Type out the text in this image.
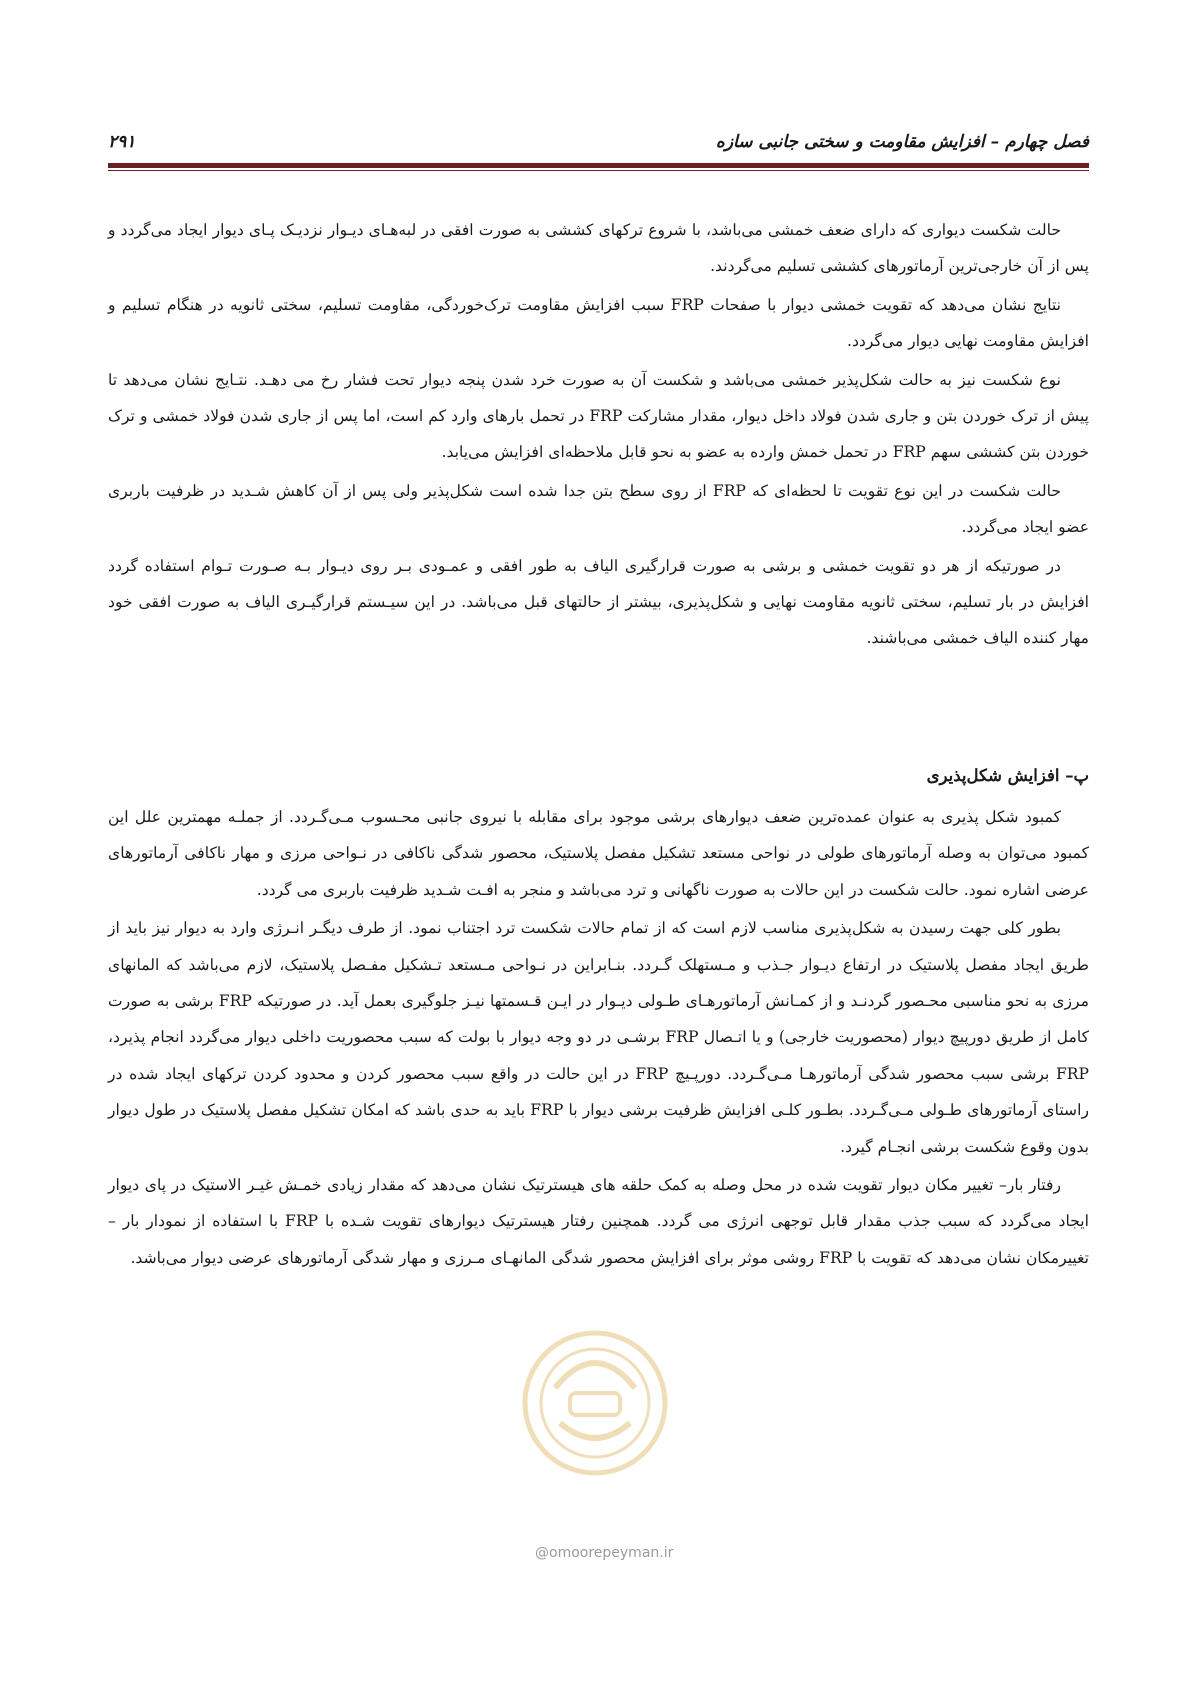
فصل چهارم – افزایش مقاومت و سختی جانبی سازه
۲۹۱

حالت شکست دیواری که دارای ضعف خمشی می‌باشد، با شروع ترکهای کششی به صورت افقی در لبه‌هـای دیـوار نزدیـک پـای دیوار ایجاد می‌گردد و پس از آن خارجی‌ترین آرماتورهای کششی تسلیم می‌گردند.

نتایج نشان می‌دهد که تقویت خمشی دیوار با صفحات FRP سبب افزایش مقاومت ترک‌خوردگی، مقاومت تسلیم، سختی ثانویه در هنگام تسلیم و افزایش مقاومت نهایی دیوار می‌گردد.

نوع شکست نیز به حالت شکل‌پذیر خمشی می‌باشد و شکست آن به صورت خرد شدن پنجه دیوار تحت فشار رخ می دهـد. نتـایج نشان می‌دهد تا پیش از ترک خوردن بتن و جاری شدن فولاد داخل دیوار، مقدار مشارکت FRP در تحمل بارهای وارد کم است، اما پس از جاری شدن فولاد خمشی و ترک خوردن بتن کششی سهم FRP در تحمل خمش وارده به عضو به نحو قابل ملاحظه‌ای افزایش می‌یابد.

حالت شکست در این نوع تقویت تا لحظه‌ای که FRP از روی سطح بتن جدا شده است شکل‌پذیر ولی پس از آن کاهش شـدید در ظرفیت باربری عضو ایجاد می‌گردد.

در صورتیکه از هر دو تقویت خمشی و برشی به صورت قرارگیری الیاف به طور افقی و عمـودی بـر روی دیـوار بـه صـورت تـوام استفاده گردد افزایش در بار تسلیم، سختی ثانویه مقاومت نهایی و شکل‌پذیری، بیشتر از حالتهای قبل می‌باشد. در این سیـستم قرارگیـری الیاف به صورت افقی خود مهار کننده الیاف خمشی می‌باشند.

پ– افزایش شکل‌پذیری

کمبود شکل پذیری به عنوان عمده‌ترین ضعف دیوارهای برشی موجود برای مقابله با نیروی جانبی محـسوب مـی‌گـردد. از جملـه مهمترین علل این کمبود می‌توان به وصله آرماتورهای طولی در نواحی مستعد تشکیل مفصل پلاستیک، محصور شدگی ناکافی در نـواحی مرزی و مهار ناکافی آرماتورهای عرضی اشاره نمود. حالت شکست در این حالات به صورت ناگهانی و ترد می‌باشد و منجر به افـت شـدید ظرفیت باربری می گردد.

بطور کلی جهت رسیدن به شکل‌پذیری مناسب لازم است که از تمام حالات شکست ترد اجتناب نمود. از طرف دیگـر انـرژی وارد به دیوار نیز باید از طریق ایجاد مفصل پلاستیک در ارتفاع دیـوار جـذب و مـستهلک گـردد. بنـابراین در نـواحی مـستعد تـشکیل مفـصل پلاستیک، لازم می‌باشد که المانهای مرزی به نحو مناسبی محـصور گردنـد و از کمـانش آرماتورهـای طـولی دیـوار در ایـن قـسمتها نیـز جلوگیری بعمل آید. در صورتیکه FRP برشی به صورت کامل از طریق دورپیچ دیوار (محصوریت خارجی) و یا اتـصال FRP برشـی در دو وجه دیوار با بولت که سبب محصوریت داخلی دیوار می‌گردد انجام پذیرد، FRP برشی سبب محصور شدگی آرماتورهـا مـی‌گـردد. دورپـیچ FRP در این حالت در واقع سبب محصور کردن و محدود کردن ترکهای ایجاد شده در راستای آرماتورهای طـولی مـی‌گـردد. بطـور کلـی افزایش ظرفیت برشی دیوار با FRP باید به حدی باشد که امکان تشکیل مفصل پلاستیک در طول دیوار بدون وقوع شکست برشی انجـام گیرد.

رفتار بار– تغییر مکان دیوار تقویت شده در محل وصله به کمک حلقه های هیسترتیک نشان می‌دهد که مقدار زیادی خمـش غیـر الاستیک در پای دیوار ایجاد می‌گردد که سبب جذب مقدار قابل توجهی انرژی می گردد. همچنین رفتار هیسترتیک دیوارهای تقویت شـده با FRP با استفاده از نمودار بار – تغییرمکان نشان می‌دهد که تقویت با FRP روشی موثر برای افزایش محصور شدگی المانهـای مـرزی و مهار شدگی آرماتورهای عرضی دیوار می‌باشد.

@omoorepeyman.ir
